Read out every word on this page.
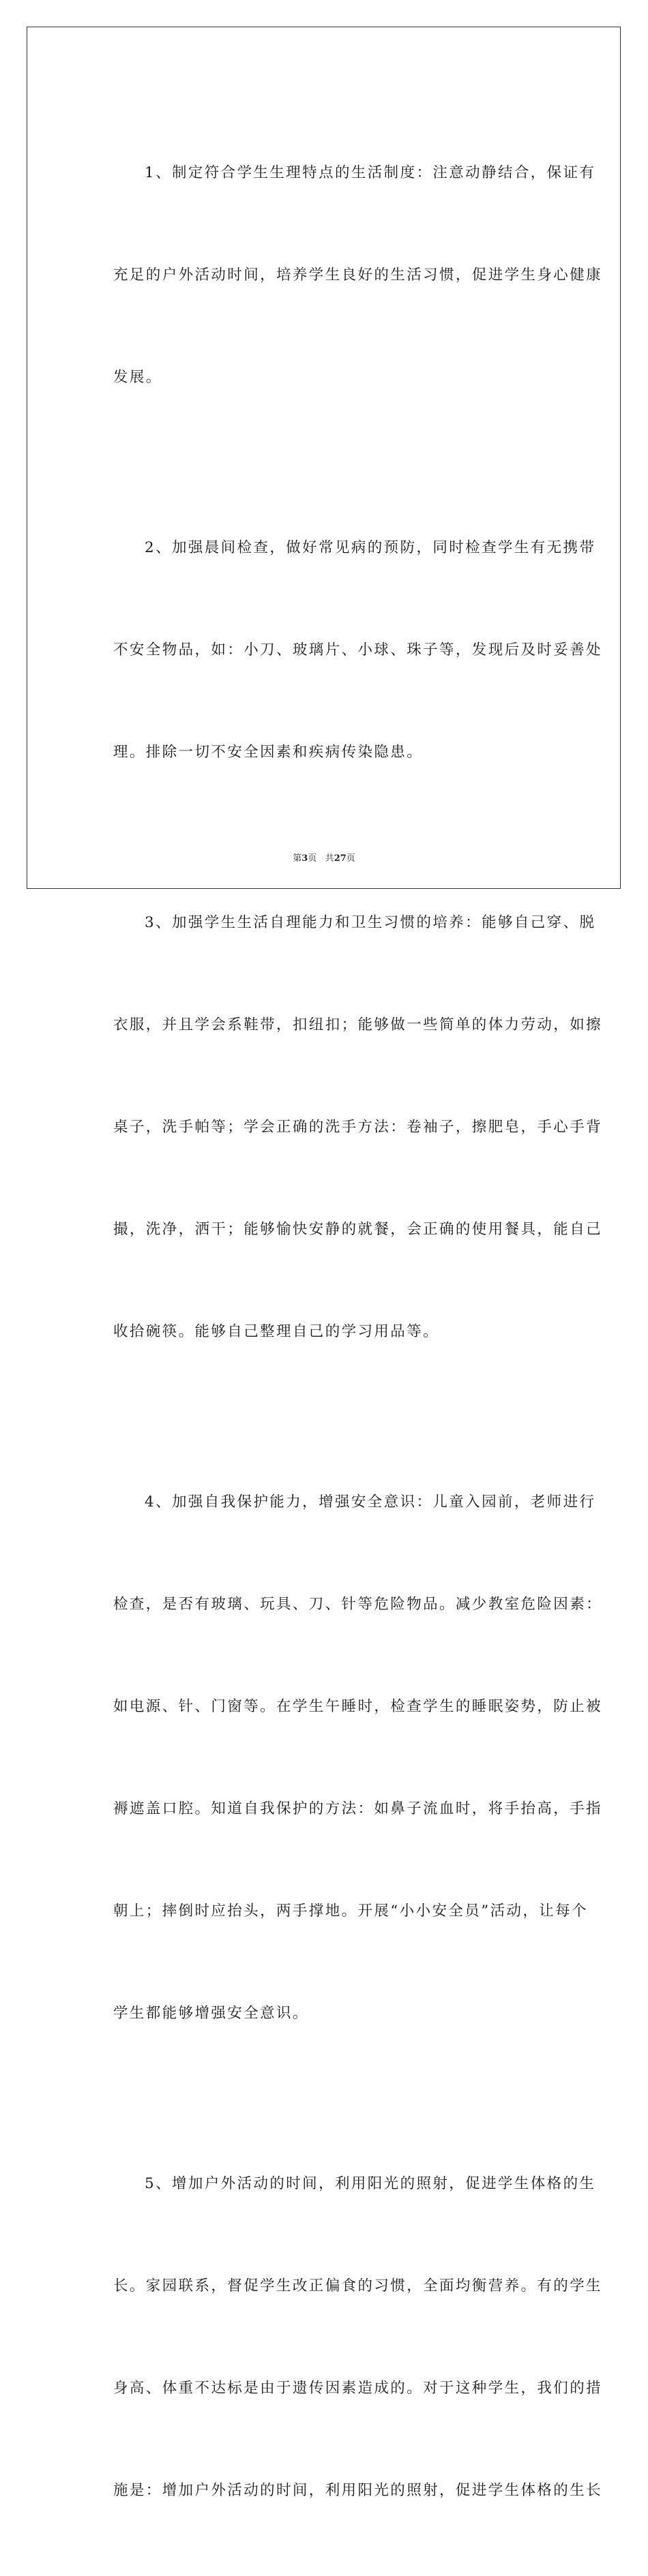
1、制定符合学生生理特点的生活制度：注意动静结合，保证有

充足的户外活动时间，培养学生良好的生活习惯，促进学生身心健康

发展。

2、加强晨间检查，做好常见病的预防，同时检查学生有无携带

不安全物品，如：小刀、玻璃片、小球、珠子等，发现后及时妥善处

理。排除一切不安全因素和疾病传染隐患。

3、加强学生生活自理能力和卫生习惯的培养：能够自己穿、脱

衣服，并且学会系鞋带，扣纽扣；能够做一些简单的体力劳动，如擦

桌子，洗手帕等；学会正确的洗手方法：卷袖子，擦肥皂，手心手背

撮，洗净，洒干；能够愉快安静的就餐，会正确的使用餐具，能自己

收拾碗筷。能够自己整理自己的学习用品等。

4、加强自我保护能力，增强安全意识：儿童入园前，老师进行

检查，是否有玻璃、玩具、刀、针等危险物品。减少教室危险因素：

如电源、针、门窗等。在学生午睡时，检查学生的睡眠姿势，防止被

褥遮盖口腔。知道自我保护的方法：如鼻子流血时，将手抬高，手指

朝上；摔倒时应抬头，两手撑地。开展“小小安全员”活动，让每个

学生都能够增强安全意识。

5、增加户外活动的时间，利用阳光的照射，促进学生体格的生

长。家园联系，督促学生改正偏食的习惯，全面均衡营养。有的学生

身高、体重不达标是由于遗传因素造成的。对于这种学生，我们的措

施是：增加户外活动的时间，利用阳光的照射，促进学生体格的生长

第3页 共27页
